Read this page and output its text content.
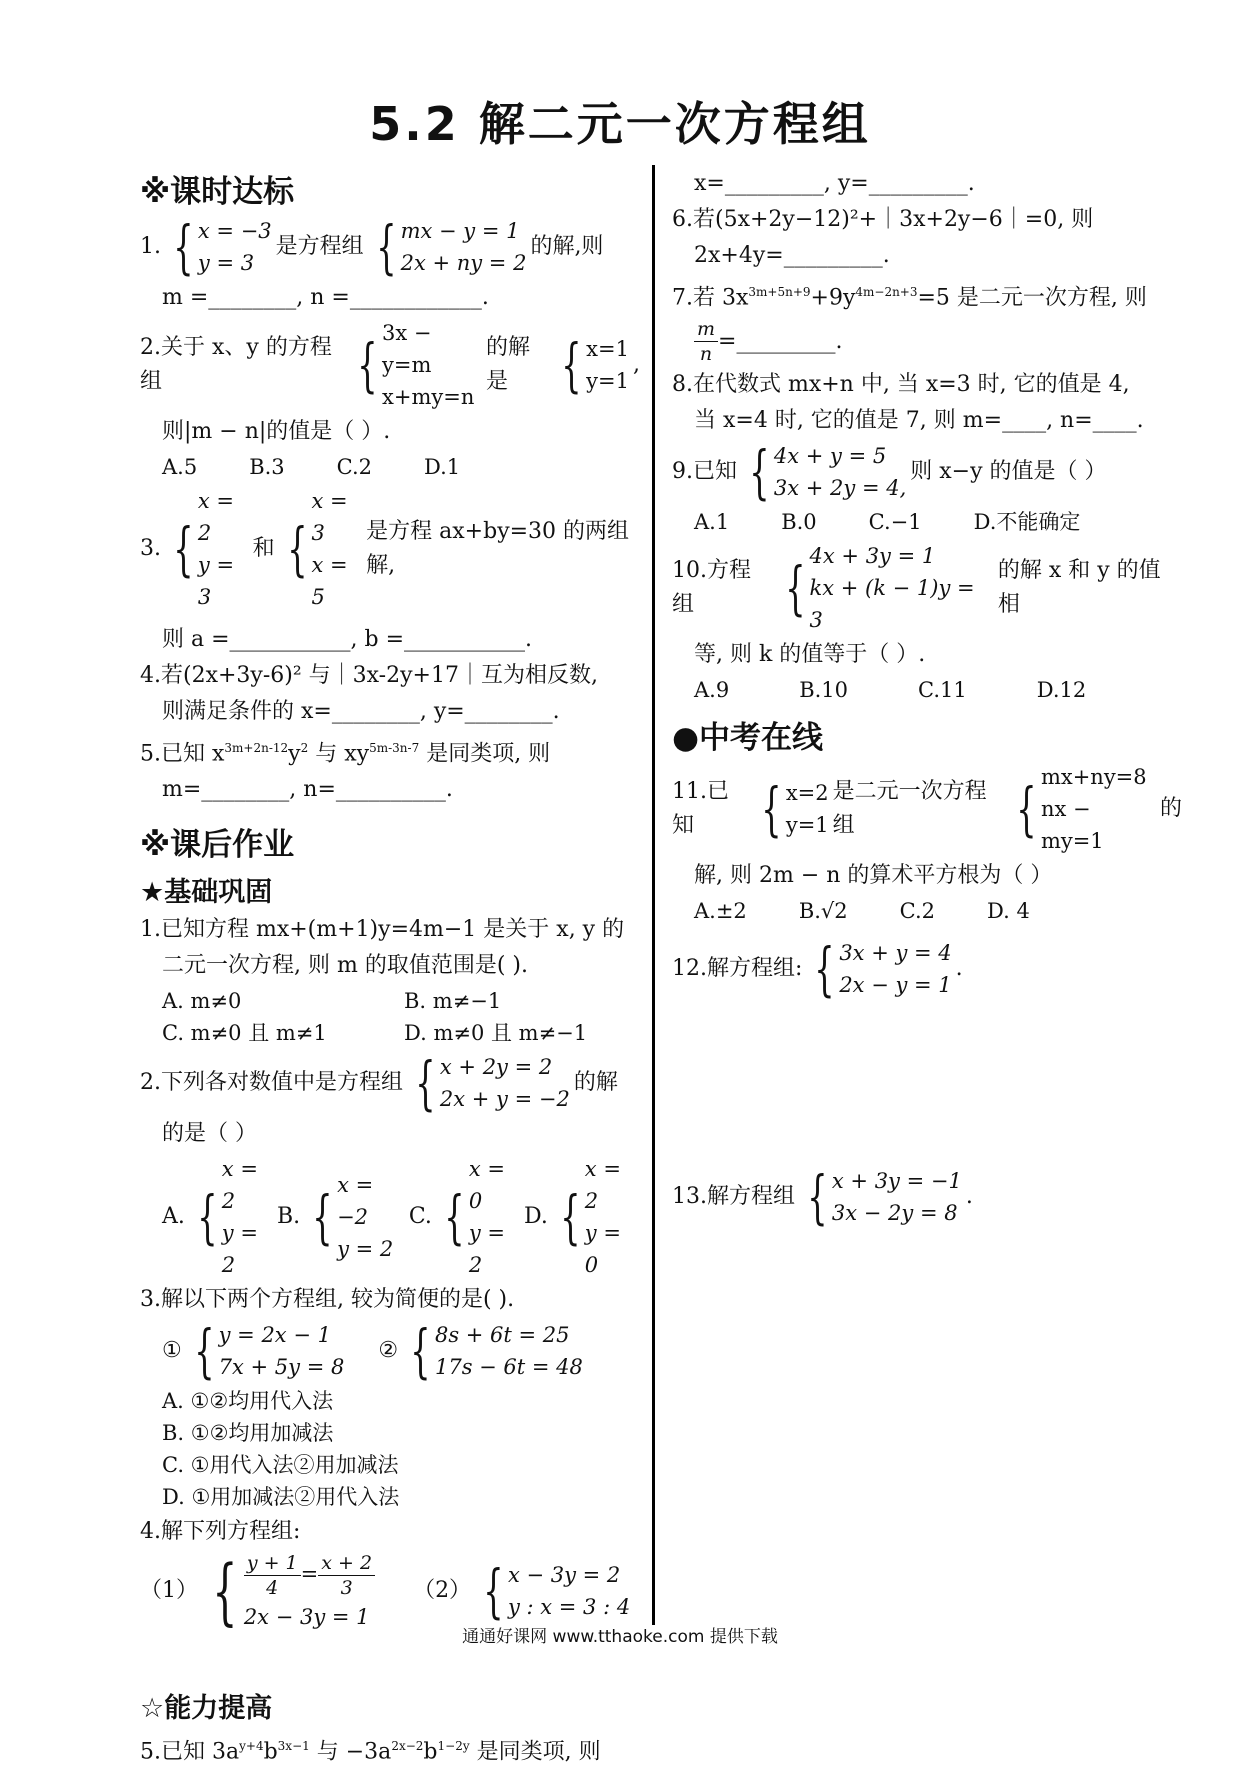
5.2 解二元一次方程组
※课时达标
1. { x = −3
y = 3
是方程组 { mx − y = 1
2x + ny = 2
的解,则
m =________, n =____________.
2.关于 x、y 的方程组	{ 3x − y=m
x+my=n
的解是 { x=1
y=1
,
则|m − n|的值是（ ）.
A.5 B.3 C.2 D.1
3. {
x = 2
y = 3
和 {
x = 3
x = 5
是方程 ax+by=30 的两组解,
则 a =___________, b =___________.
4.若(2x+3y-6)² 与｜3x-2y+17｜互为相反数,
则满足条件的 x=________, y=________.
5.已知 $x^{3m+2n-12}y^2$ 与 $xy^{5m-3n-7}$ 是同类项, 则
m=________, n=__________.
※课后作业
★基础巩固
1.已知方程 mx+(m+1)y=4m−1 是关于 x, y 的
二元一次方程, 则 m 的取值范围是( ).
A. m≠0	B. m≠−1
C. m≠0 且 m≠1	D. m≠0 且 m≠−1
2.下列各对数值中是方程组 { x + 2y = 2
2x + y = −2
的解
的是（ ）
A. {
x = 2
y = 2
B. { x = −2
y = 2
C. {
x = 0
y = 2
D. {
x = 2
y = 0
3.解以下两个方程组, 较为简便的是( ).
① { y = 2x − 1
7x + 5y = 8
② { 8s + 6t = 25
17s − 6t = 48
A. ①②均用代入法
B. ①②均用加减法
C. ①用代入法②用加减法
D. ①用加减法②用代入法
4.解下列方程组:
（1） { $\frac{y + 1}{4} = \frac{x + 2}{3}$
2x − 3y = 1
（2） { x − 3y = 2
y : x = 3 : 4
☆能力提高
5.已知 $3a^{y+4}b^{3x-1}$ 与 $-3a^{2x-2}b^{1-2y}$ 是同类项, 则
x=_________, y=_________.
6.若(5x+2y−12)²+｜3x+2y−6｜=0, 则
2x+4y=_________.
7.若 $3x^{3m+5n+9}+9y^{4m-2n+3}=5$ 是二元一次方程, 则
$\frac{m}{n}$ =_________.
8.在代数式 mx+n 中, 当 x=3 时, 它的值是 4,
当 x=4 时, 它的值是 7, 则 m=____, n=____.
9.已知 { 4x + y = 5
3x + 2y = 4,
则 x−y 的值是（ ）
A.1 B.0 C.−1 D.不能确定
10.方程组	{ 4x + 3y = 1
kx + (k − 1)y = 3
的解 x 和 y 的值相
等, 则 k 的值等于（ ）.
A.9	B.10	C.11	D.12
●中考在线
11.已知	{ x=2
y=1
是二元一次方程组	{ mx+ny=8
nx − my=1
的
解, 则 2m − n 的算术平方根为（ ）
A.±2 B.√2 C.2 D. 4
12.解方程组: { 3x + y = 4
2x − y = 1
.
13.解方程组 { x + 3y = −1
3x − 2y = 8
.
通通好课网 www.tthaoke.com 提供下载
